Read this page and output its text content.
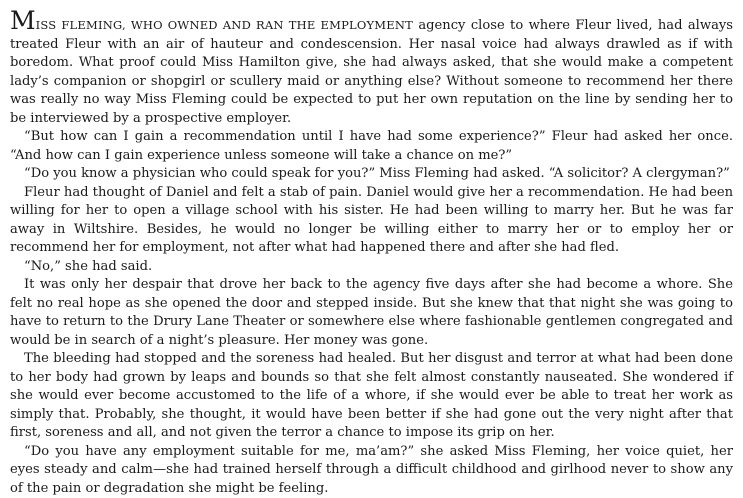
MISS FLEMING, WHO OWNED AND RAN THE EMPLOYMENT agency close to where Fleur lived, had always treated Fleur with an air of hauteur and condescension. Her nasal voice had always drawled as if with boredom. What proof could Miss Hamilton give, she had always asked, that she would make a competent lady’s companion or shopgirl or scullery maid or anything else? Without someone to recommend her there was really no way Miss Fleming could be expected to put her own reputation on the line by sending her to be interviewed by a prospective employer.

“But how can I gain a recommendation until I have had some experience?” Fleur had asked her once. “And how can I gain experience unless someone will take a chance on me?”

“Do you know a physician who could speak for you?” Miss Fleming had asked. “A solicitor? A clergyman?”

Fleur had thought of Daniel and felt a stab of pain. Daniel would give her a recommendation. He had been willing for her to open a village school with his sister. He had been willing to marry her. But he was far away in Wiltshire. Besides, he would no longer be willing either to marry her or to employ her or recommend her for employment, not after what had happened there and after she had fled.

“No,” she had said.

It was only her despair that drove her back to the agency five days after she had become a whore. She felt no real hope as she opened the door and stepped inside. But she knew that that night she was going to have to return to the Drury Lane Theater or somewhere else where fashionable gentlemen congregated and would be in search of a night’s pleasure. Her money was gone.

The bleeding had stopped and the soreness had healed. But her disgust and terror at what had been done to her body had grown by leaps and bounds so that she felt almost constantly nauseated. She wondered if she would ever become accustomed to the life of a whore, if she would ever be able to treat her work as simply that. Probably, she thought, it would have been better if she had gone out the very night after that first, soreness and all, and not given the terror a chance to impose its grip on her.

“Do you have any employment suitable for me, ma’am?” she asked Miss Fleming, her voice quiet, her eyes steady and calm—she had trained herself through a difficult childhood and girlhood never to show any of the pain or degradation she might be feeling.
